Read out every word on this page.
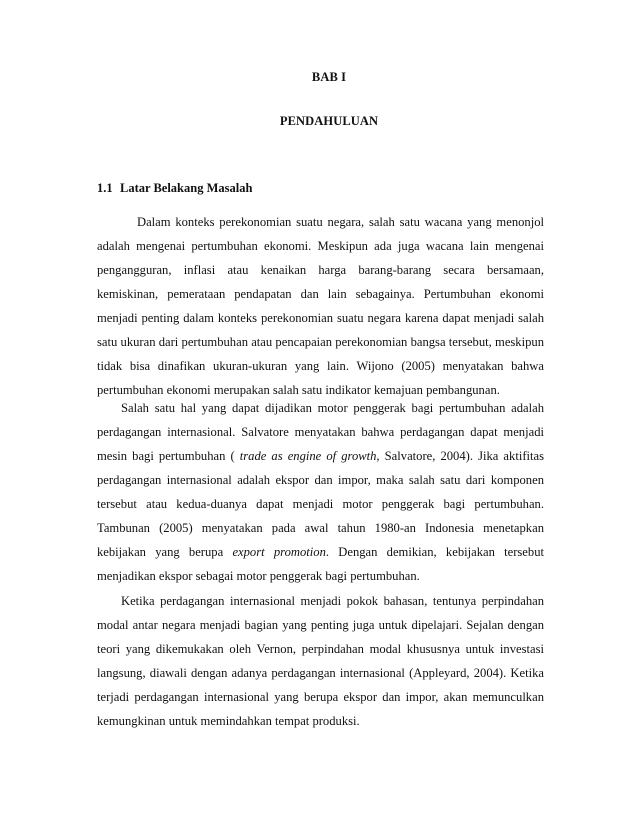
BAB I
PENDAHULUAN
1.1 Latar Belakang Masalah

Dalam konteks perekonomian suatu negara, salah satu wacana yang menonjol adalah mengenai pertumbuhan ekonomi. Meskipun ada juga wacana lain mengenai pengangguran, inflasi atau kenaikan harga barang-barang secara bersamaan, kemiskinan, pemerataan pendapatan dan lain sebagainya. Pertumbuhan ekonomi menjadi penting dalam konteks perekonomian suatu negara karena dapat menjadi salah satu ukuran dari pertumbuhan atau pencapaian perekonomian bangsa tersebut, meskipun tidak bisa dinafikan ukuran-ukuran yang lain. Wijono (2005) menyatakan bahwa pertumbuhan ekonomi merupakan salah satu indikator kemajuan pembangunan.

Salah satu hal yang dapat dijadikan motor penggerak bagi pertumbuhan adalah perdagangan internasional. Salvatore menyatakan bahwa perdagangan dapat menjadi mesin bagi pertumbuhan ( trade as engine of growth, Salvatore, 2004). Jika aktifitas perdagangan internasional adalah ekspor dan impor, maka salah satu dari komponen tersebut atau kedua-duanya dapat menjadi motor penggerak bagi pertumbuhan. Tambunan (2005) menyatakan pada awal tahun 1980-an Indonesia menetapkan kebijakan yang berupa export promotion. Dengan demikian, kebijakan tersebut menjadikan ekspor sebagai motor penggerak bagi pertumbuhan.

Ketika perdagangan internasional menjadi pokok bahasan, tentunya perpindahan modal antar negara menjadi bagian yang penting juga untuk dipelajari. Sejalan dengan teori yang dikemukakan oleh Vernon, perpindahan modal khususnya untuk investasi langsung, diawali dengan adanya perdagangan internasional (Appleyard, 2004). Ketika terjadi perdagangan internasional yang berupa ekspor dan impor, akan memunculkan kemungkinan untuk memindahkan tempat produksi.
